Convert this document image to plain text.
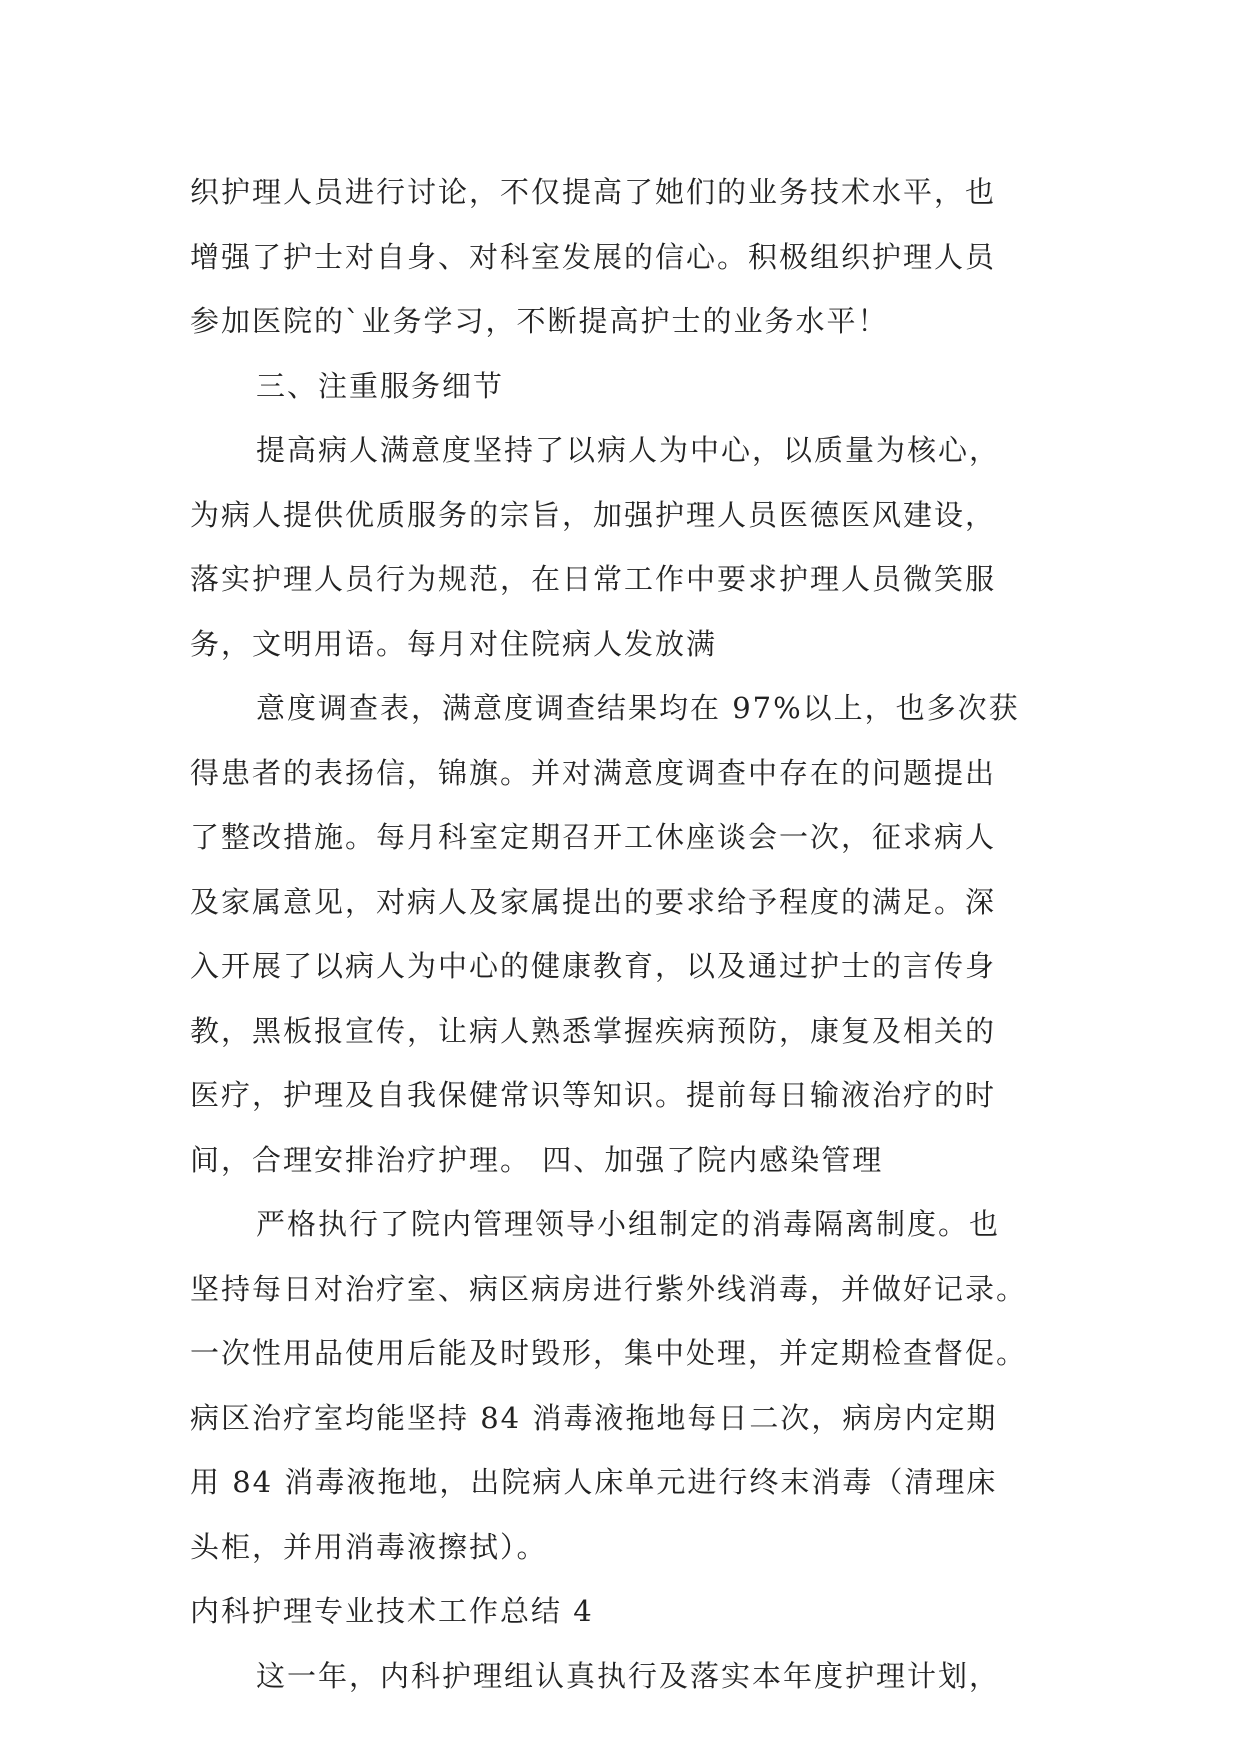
织护理人员进行讨论，不仅提高了她们的业务技术水平，也
增强了护士对自身、对科室发展的信心。积极组织护理人员
参加医院的`业务学习，不断提高护士的业务水平！
三、注重服务细节
提高病人满意度坚持了以病人为中心，以质量为核心，
为病人提供优质服务的宗旨，加强护理人员医德医风建设，
落实护理人员行为规范，在日常工作中要求护理人员微笑服
务，文明用语。每月对住院病人发放满
意度调查表，满意度调查结果均在 97%以上，也多次获
得患者的表扬信，锦旗。并对满意度调查中存在的问题提出
了整改措施。每月科室定期召开工休座谈会一次，征求病人
及家属意见，对病人及家属提出的要求给予程度的满足。深
入开展了以病人为中心的健康教育，以及通过护士的言传身
教，黑板报宣传，让病人熟悉掌握疾病预防，康复及相关的
医疗，护理及自我保健常识等知识。提前每日输液治疗的时
间，合理安排治疗护理。 四、加强了院内感染管理
严格执行了院内管理领导小组制定的消毒隔离制度。也
坚持每日对治疗室、病区病房进行紫外线消毒，并做好记录。
一次性用品使用后能及时毁形，集中处理，并定期检查督促。
病区治疗室均能坚持 84 消毒液拖地每日二次，病房内定期
用 84 消毒液拖地，出院病人床单元进行终末消毒（清理床
头柜，并用消毒液擦拭）。
内科护理专业技术工作总结 4
这一年，内科护理组认真执行及落实本年度护理计划，
